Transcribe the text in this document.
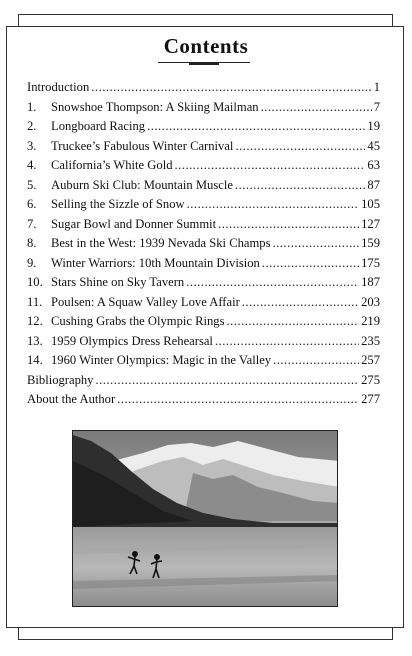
Contents
Introduction .....	1
1.	Snowshoe Thompson: A Skiing Mailman .....	7
2.	Longboard Racing .....	19
3.	Truckee’s Fabulous Winter Carnival .....	45
4.	California’s White Gold .....	63
5.	Auburn Ski Club: Mountain Muscle .....	87
6.	Selling the Sizzle of Snow .....	105
7.	Sugar Bowl and Donner Summit .....	127
8.	Best in the West: 1939 Nevada Ski Champs .....	159
9.	Winter Warriors: 10th Mountain Division .....	175
10. Stars Shine on Sky Tavern .....	187
11. Poulsen: A Squaw Valley Love Affair .....	203
12. Cushing Grabs the Olympic Rings .....	219
13. 1959 Olympics Dress Rehearsal .....	235
14. 1960 Winter Olympics: Magic in the Valley .....	257
Bibliography .....	275
About the Author .....	277
